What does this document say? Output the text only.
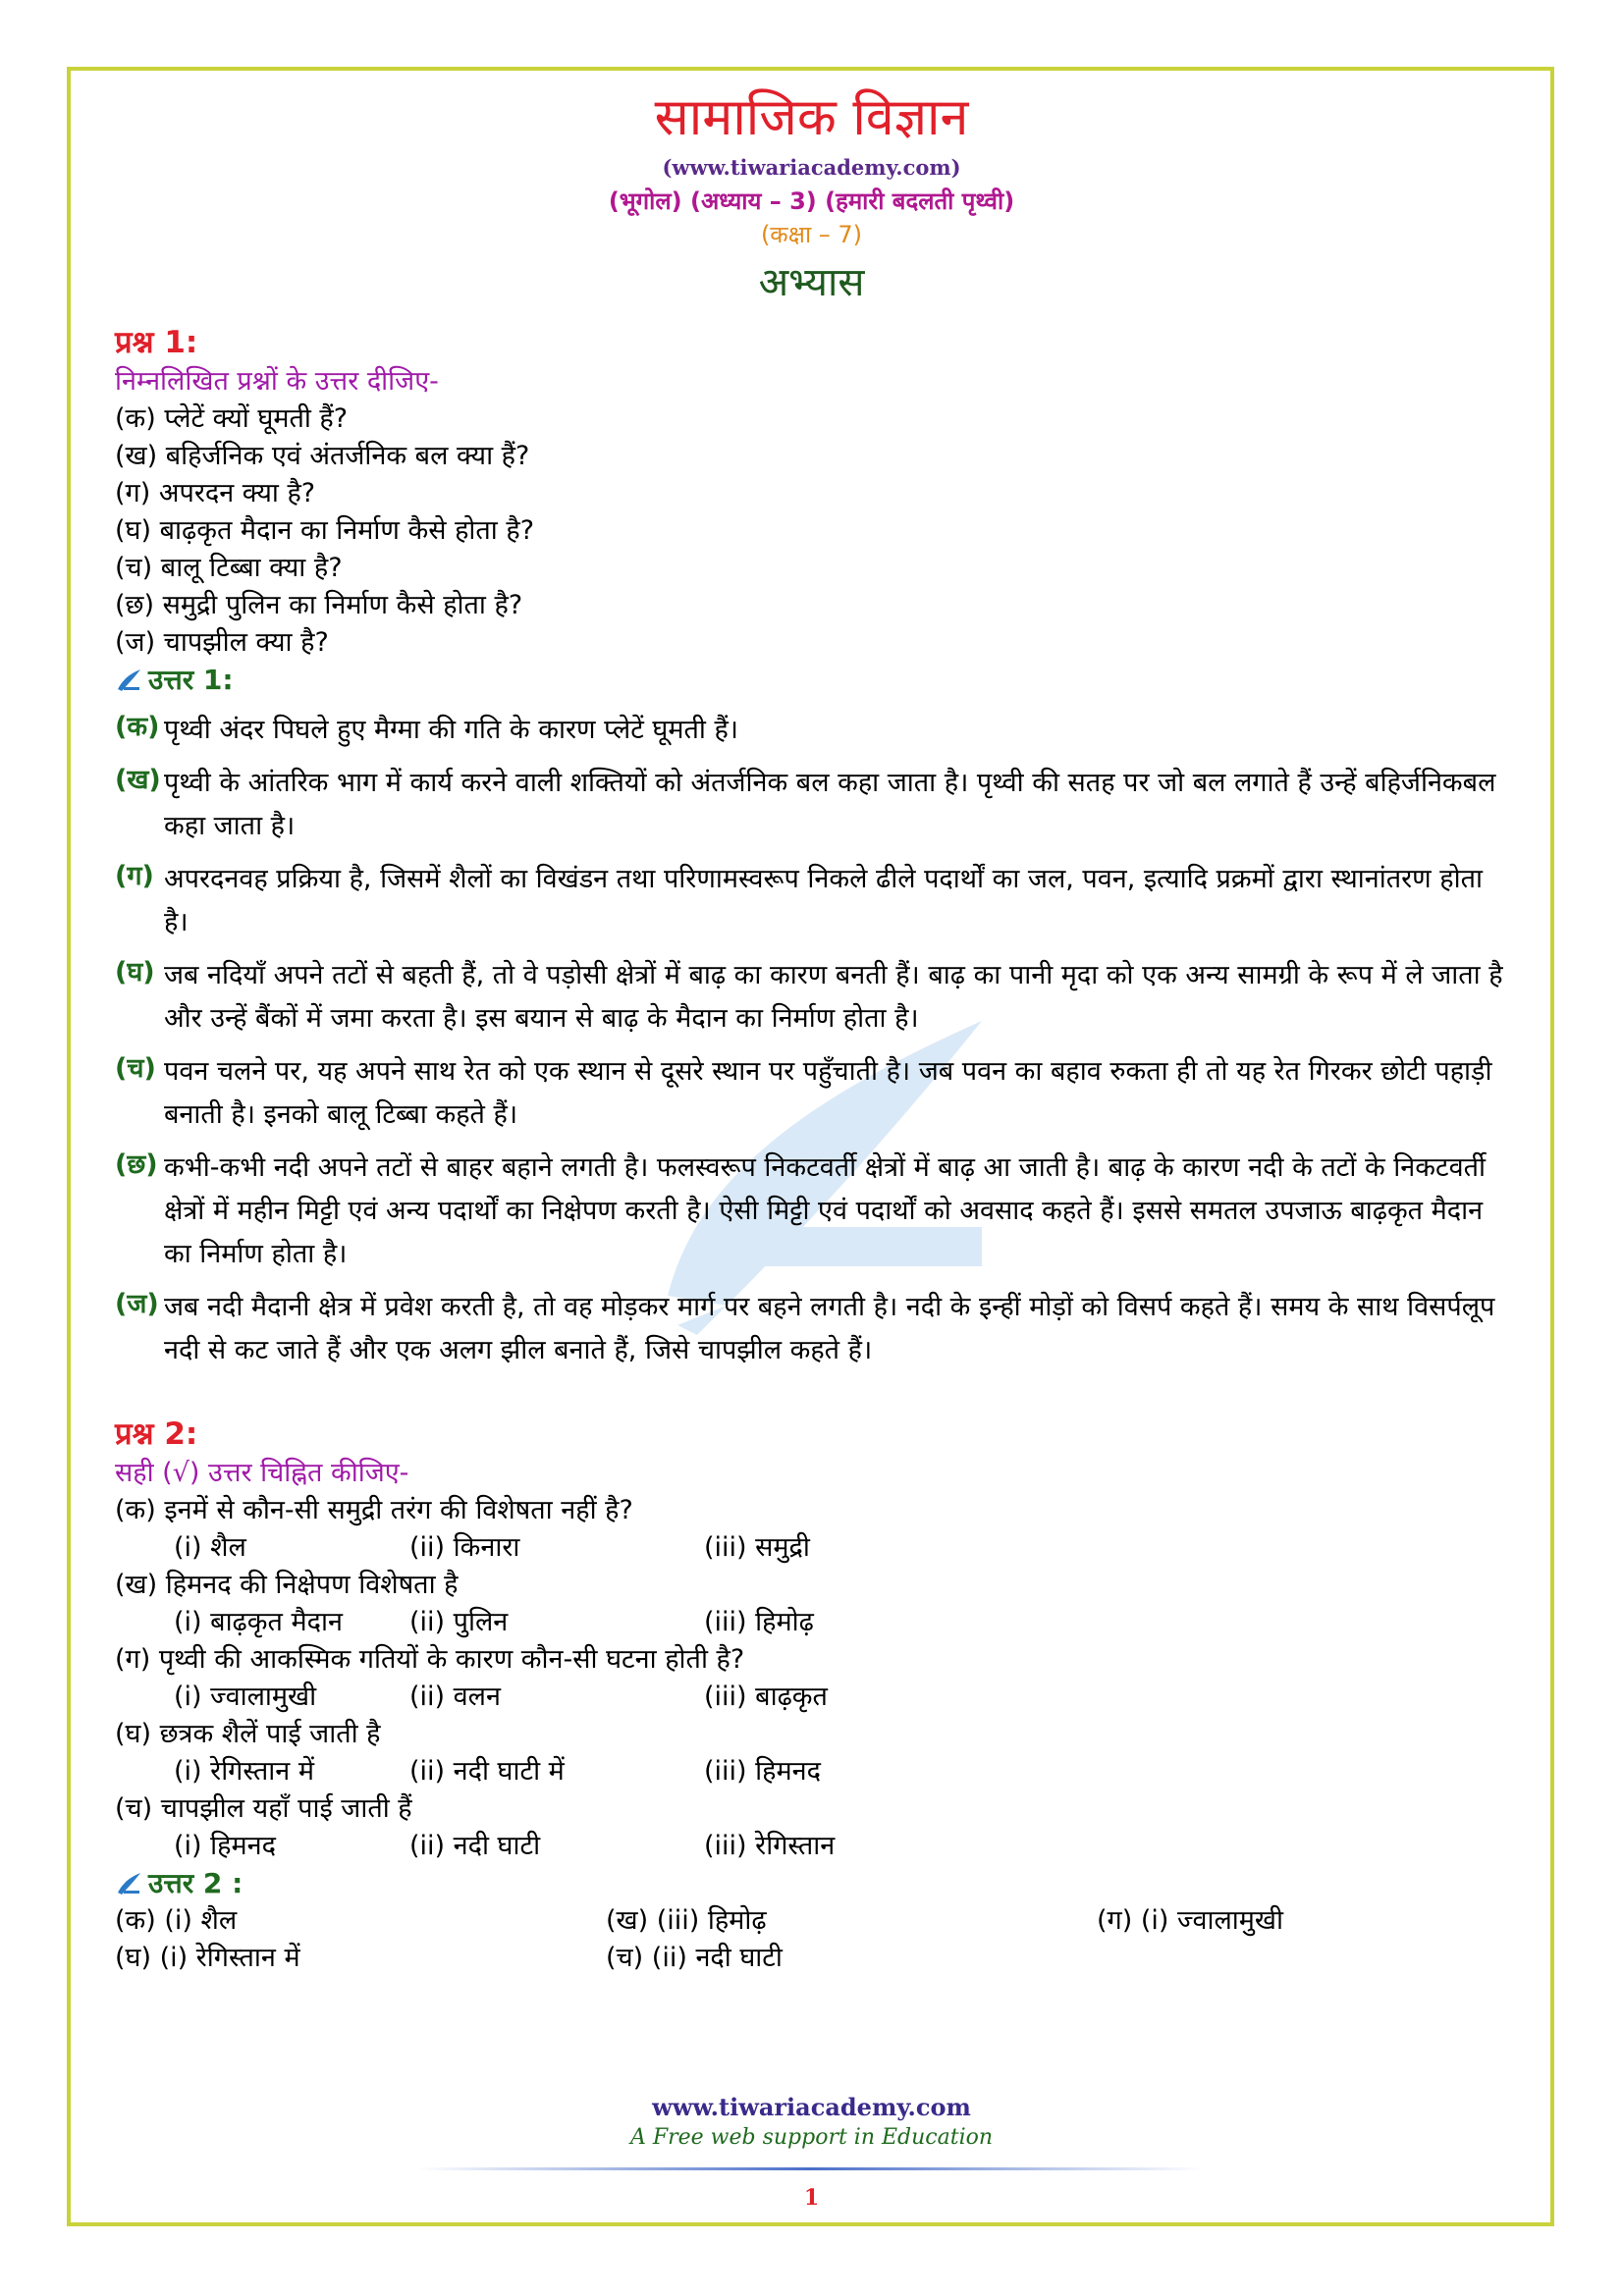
सामाजिक विज्ञान
(www.tiwariacademy.com)
(भूगोल) (अध्याय – 3) (हमारी बदलती पृथ्वी)
(कक्षा – 7)
अभ्यास
प्रश्न 1:
निम्नलिखित प्रश्नों के उत्तर दीजिए-
(क) प्लेटें क्यों घूमती हैं?
(ख) बहिर्जनिक एवं अंतर्जनिक बल क्या हैं?
(ग) अपरदन क्या है?
(घ) बाढ़कृत मैदान का निर्माण कैसे होता है?
(च) बालू टिब्बा क्या है?
(छ) समुद्री पुलिन का निर्माण कैसे होता है?
(ज) चापझील क्या है?
उत्तर 1:
(क) पृथ्वी अंदर पिघले हुए मैग्मा की गति के कारण प्लेटें घूमती हैं।
(ख) पृथ्वी के आंतरिक भाग में कार्य करने वाली शक्तियों को अंतर्जनिक बल कहा जाता है। पृथ्वी की सतह पर जो बल लगाते हैं उन्हें बहिर्जनिकबल कहा जाता है।
(ग) अपरदनवह प्रक्रिया है, जिसमें शैलों का विखंडन तथा परिणामस्वरूप निकले ढीले पदार्थों का जल, पवन, इत्यादि प्रक्रमों द्वारा स्थानांतरण होता है।
(घ) जब नदियाँ अपने तटों से बहती हैं, तो वे पड़ोसी क्षेत्रों में बाढ़ का कारण बनती हैं। बाढ़ का पानी मृदा को एक अन्य सामग्री के रूप में ले जाता है और उन्हें बैंकों में जमा करता है। इस बयान से बाढ़ के मैदान का निर्माण होता है।
(च) पवन चलने पर, यह अपने साथ रेत को एक स्थान से दूसरे स्थान पर पहुँचाती है। जब पवन का बहाव रुकता ही तो यह रेत गिरकर छोटी पहाड़ी बनाती है। इनको बालू टिब्बा कहते हैं।
(छ) कभी-कभी नदी अपने तटों से बाहर बहाने लगती है। फलस्वरूप निकटवर्ती क्षेत्रों में बाढ़ आ जाती है। बाढ़ के कारण नदी के तटों के निकटवर्ती क्षेत्रों में महीन मिट्टी एवं अन्य पदार्थों का निक्षेपण करती है। ऐसी मिट्टी एवं पदार्थों को अवसाद कहते हैं। इससे समतल उपजाऊ बाढ़कृत मैदान का निर्माण होता है।
(ज) जब नदी मैदानी क्षेत्र में प्रवेश करती है, तो वह मोड़कर मार्ग पर बहने लगती है। नदी के इन्हीं मोड़ों को विसर्प कहते हैं। समय के साथ विसर्पलूप नदी से कट जाते हैं और एक अलग झील बनाते हैं, जिसे चापझील कहते हैं।
प्रश्न 2:
सही (√) उत्तर चिह्नित कीजिए-
(क) इनमें से कौन-सी समुद्री तरंग की विशेषता नहीं है?
(i) शैल	(ii) किनारा	(iii) समुद्री
(ख) हिमनद की निक्षेपण विशेषता है
(i) बाढ़कृत मैदान	(ii) पुलिन	(iii) हिमोढ़
(ग) पृथ्वी की आकस्मिक गतियों के कारण कौन-सी घटना होती है?
(i) ज्वालामुखी	(ii) वलन	(iii) बाढ़कृत
(घ) छत्रक शैलें पाई जाती है
(i) रेगिस्तान में	(ii) नदी घाटी में	(iii) हिमनद
(च) चापझील यहाँ पाई जाती हैं
(i) हिमनद	(ii) नदी घाटी	(iii) रेगिस्तान
उत्तर 2 :
(क) (i) शैल	(ख) (iii) हिमोढ़	(ग) (i) ज्वालामुखी
(घ) (i) रेगिस्तान में	(च) (ii) नदी घाटी
www.tiwariacademy.com
A Free web support in Education
1
